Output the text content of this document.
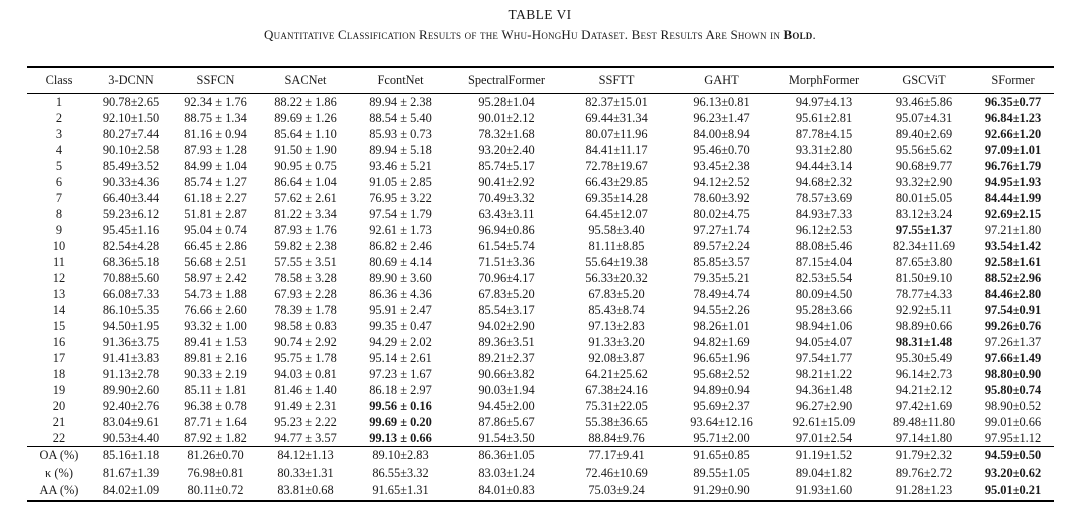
TABLE VI
Quantitative Classification Results of the Whu-HongHu Dataset. Best Results Are Shown in Bold.
Class	3-DCNN	SSFCN	SACNet	FcontNet	SpectralFormer	SSFTT	GAHT	MorphFormer	GSCViT	SFormer
1	90.78±2.65	92.34 ± 1.76	88.22 ± 1.86	89.94 ± 2.38	95.28±1.04	82.37±15.01	96.13±0.81	94.97±4.13	93.46±5.86	96.35±0.77
2	92.10±1.50	88.75 ± 1.34	89.69 ± 1.26	88.54 ± 5.40	90.01±2.12	69.44±31.34	96.23±1.47	95.61±2.81	95.07±4.31	96.84±1.23
3	80.27±7.44	81.16 ± 0.94	85.64 ± 1.10	85.93 ± 0.73	78.32±1.68	80.07±11.96	84.00±8.94	87.78±4.15	89.40±2.69	92.66±1.20
4	90.10±2.58	87.93 ± 1.28	91.50 ± 1.90	89.94 ± 5.18	93.20±2.40	84.41±11.17	95.46±0.70	93.31±2.80	95.56±5.62	97.09±1.01
5	85.49±3.52	84.99 ± 1.04	90.95 ± 0.75	93.46 ± 5.21	85.74±5.17	72.78±19.67	93.45±2.38	94.44±3.14	90.68±9.77	96.76±1.79
6	90.33±4.36	85.74 ± 1.27	86.64 ± 1.04	91.05 ± 2.85	90.41±2.92	66.43±29.85	94.12±2.52	94.68±2.32	93.32±2.90	94.95±1.93
7	66.40±3.44	61.18 ± 2.27	57.62 ± 2.61	76.95 ± 3.22	70.49±3.32	69.35±14.28	78.60±3.92	78.57±3.69	80.01±5.05	84.44±1.99
8	59.23±6.12	51.81 ± 2.87	81.22 ± 3.34	97.54 ± 1.79	63.43±3.11	64.45±12.07	80.02±4.75	84.93±7.33	83.12±3.24	92.69±2.15
9	95.45±1.16	95.04 ± 0.74	87.93 ± 1.76	92.61 ± 1.73	96.94±0.86	95.58±3.40	97.27±1.74	96.12±2.53	97.55±1.37	97.21±1.80
10	82.54±4.28	66.45 ± 2.86	59.82 ± 2.38	86.82 ± 2.46	61.54±5.74	81.11±8.85	89.57±2.24	88.08±5.46	82.34±11.69	93.54±1.42
11	68.36±5.18	56.68 ± 2.51	57.55 ± 3.51	80.69 ± 4.14	71.51±3.36	55.64±19.38	85.85±3.57	87.15±4.04	87.65±3.80	92.58±1.61
12	70.88±5.60	58.97 ± 2.42	78.58 ± 3.28	89.90 ± 3.60	70.96±4.17	56.33±20.32	79.35±5.21	82.53±5.54	81.50±9.10	88.52±2.96
13	66.08±7.33	54.73 ± 1.88	67.93 ± 2.28	86.36 ± 4.36	67.83±5.20	67.83±5.20	78.49±4.74	80.09±4.50	78.77±4.33	84.46±2.80
14	86.10±5.35	76.66 ± 2.60	78.39 ± 1.78	95.91 ± 2.47	85.54±3.17	85.43±8.74	94.55±2.26	95.28±3.66	92.92±5.11	97.54±0.91
15	94.50±1.95	93.32 ± 1.00	98.58 ± 0.83	99.35 ± 0.47	94.02±2.90	97.13±2.83	98.26±1.01	98.94±1.06	98.89±0.66	99.26±0.76
16	91.36±3.75	89.41 ± 1.53	90.74 ± 2.92	94.29 ± 2.02	89.36±3.51	91.33±3.20	94.82±1.69	94.05±4.07	98.31±1.48	97.26±1.37
17	91.41±3.83	89.81 ± 2.16	95.75 ± 1.78	95.14 ± 2.61	89.21±2.37	92.08±3.87	96.65±1.96	97.54±1.77	95.30±5.49	97.66±1.49
18	91.13±2.78	90.33 ± 2.19	94.03 ± 0.81	97.23 ± 1.67	90.66±3.82	64.21±25.62	95.68±2.52	98.21±1.22	96.14±2.73	98.80±0.90
19	89.90±2.60	85.11 ± 1.81	81.46 ± 1.40	86.18 ± 2.97	90.03±1.94	67.38±24.16	94.89±0.94	94.36±1.48	94.21±2.12	95.80±0.74
20	92.40±2.76	96.38 ± 0.78	91.49 ± 2.31	99.56 ± 0.16	94.45±2.00	75.31±22.05	95.69±2.37	96.27±2.90	97.42±1.69	98.90±0.52
21	83.04±9.61	87.71 ± 1.64	95.23 ± 2.22	99.69 ± 0.20	87.86±5.67	55.38±36.65	93.64±12.16	92.61±15.09	89.48±11.80	99.01±0.66
22	90.53±4.40	87.92 ± 1.82	94.77 ± 3.57	99.13 ± 0.66	91.54±3.50	88.84±9.76	95.71±2.00	97.01±2.54	97.14±1.80	97.95±1.12
OA (%)	85.16±1.18	81.26±0.70	84.12±1.13	89.10±2.83	86.36±1.05	77.17±9.41	91.65±0.85	91.19±1.52	91.79±2.32	94.59±0.50
κ (%)	81.67±1.39	76.98±0.81	80.33±1.31	86.55±3.32	83.03±1.24	72.46±10.69	89.55±1.05	89.04±1.82	89.76±2.72	93.20±0.62
AA (%)	84.02±1.09	80.11±0.72	83.81±0.68	91.65±1.31	84.01±0.83	75.03±9.24	91.29±0.90	91.93±1.60	91.28±1.23	95.01±0.21
